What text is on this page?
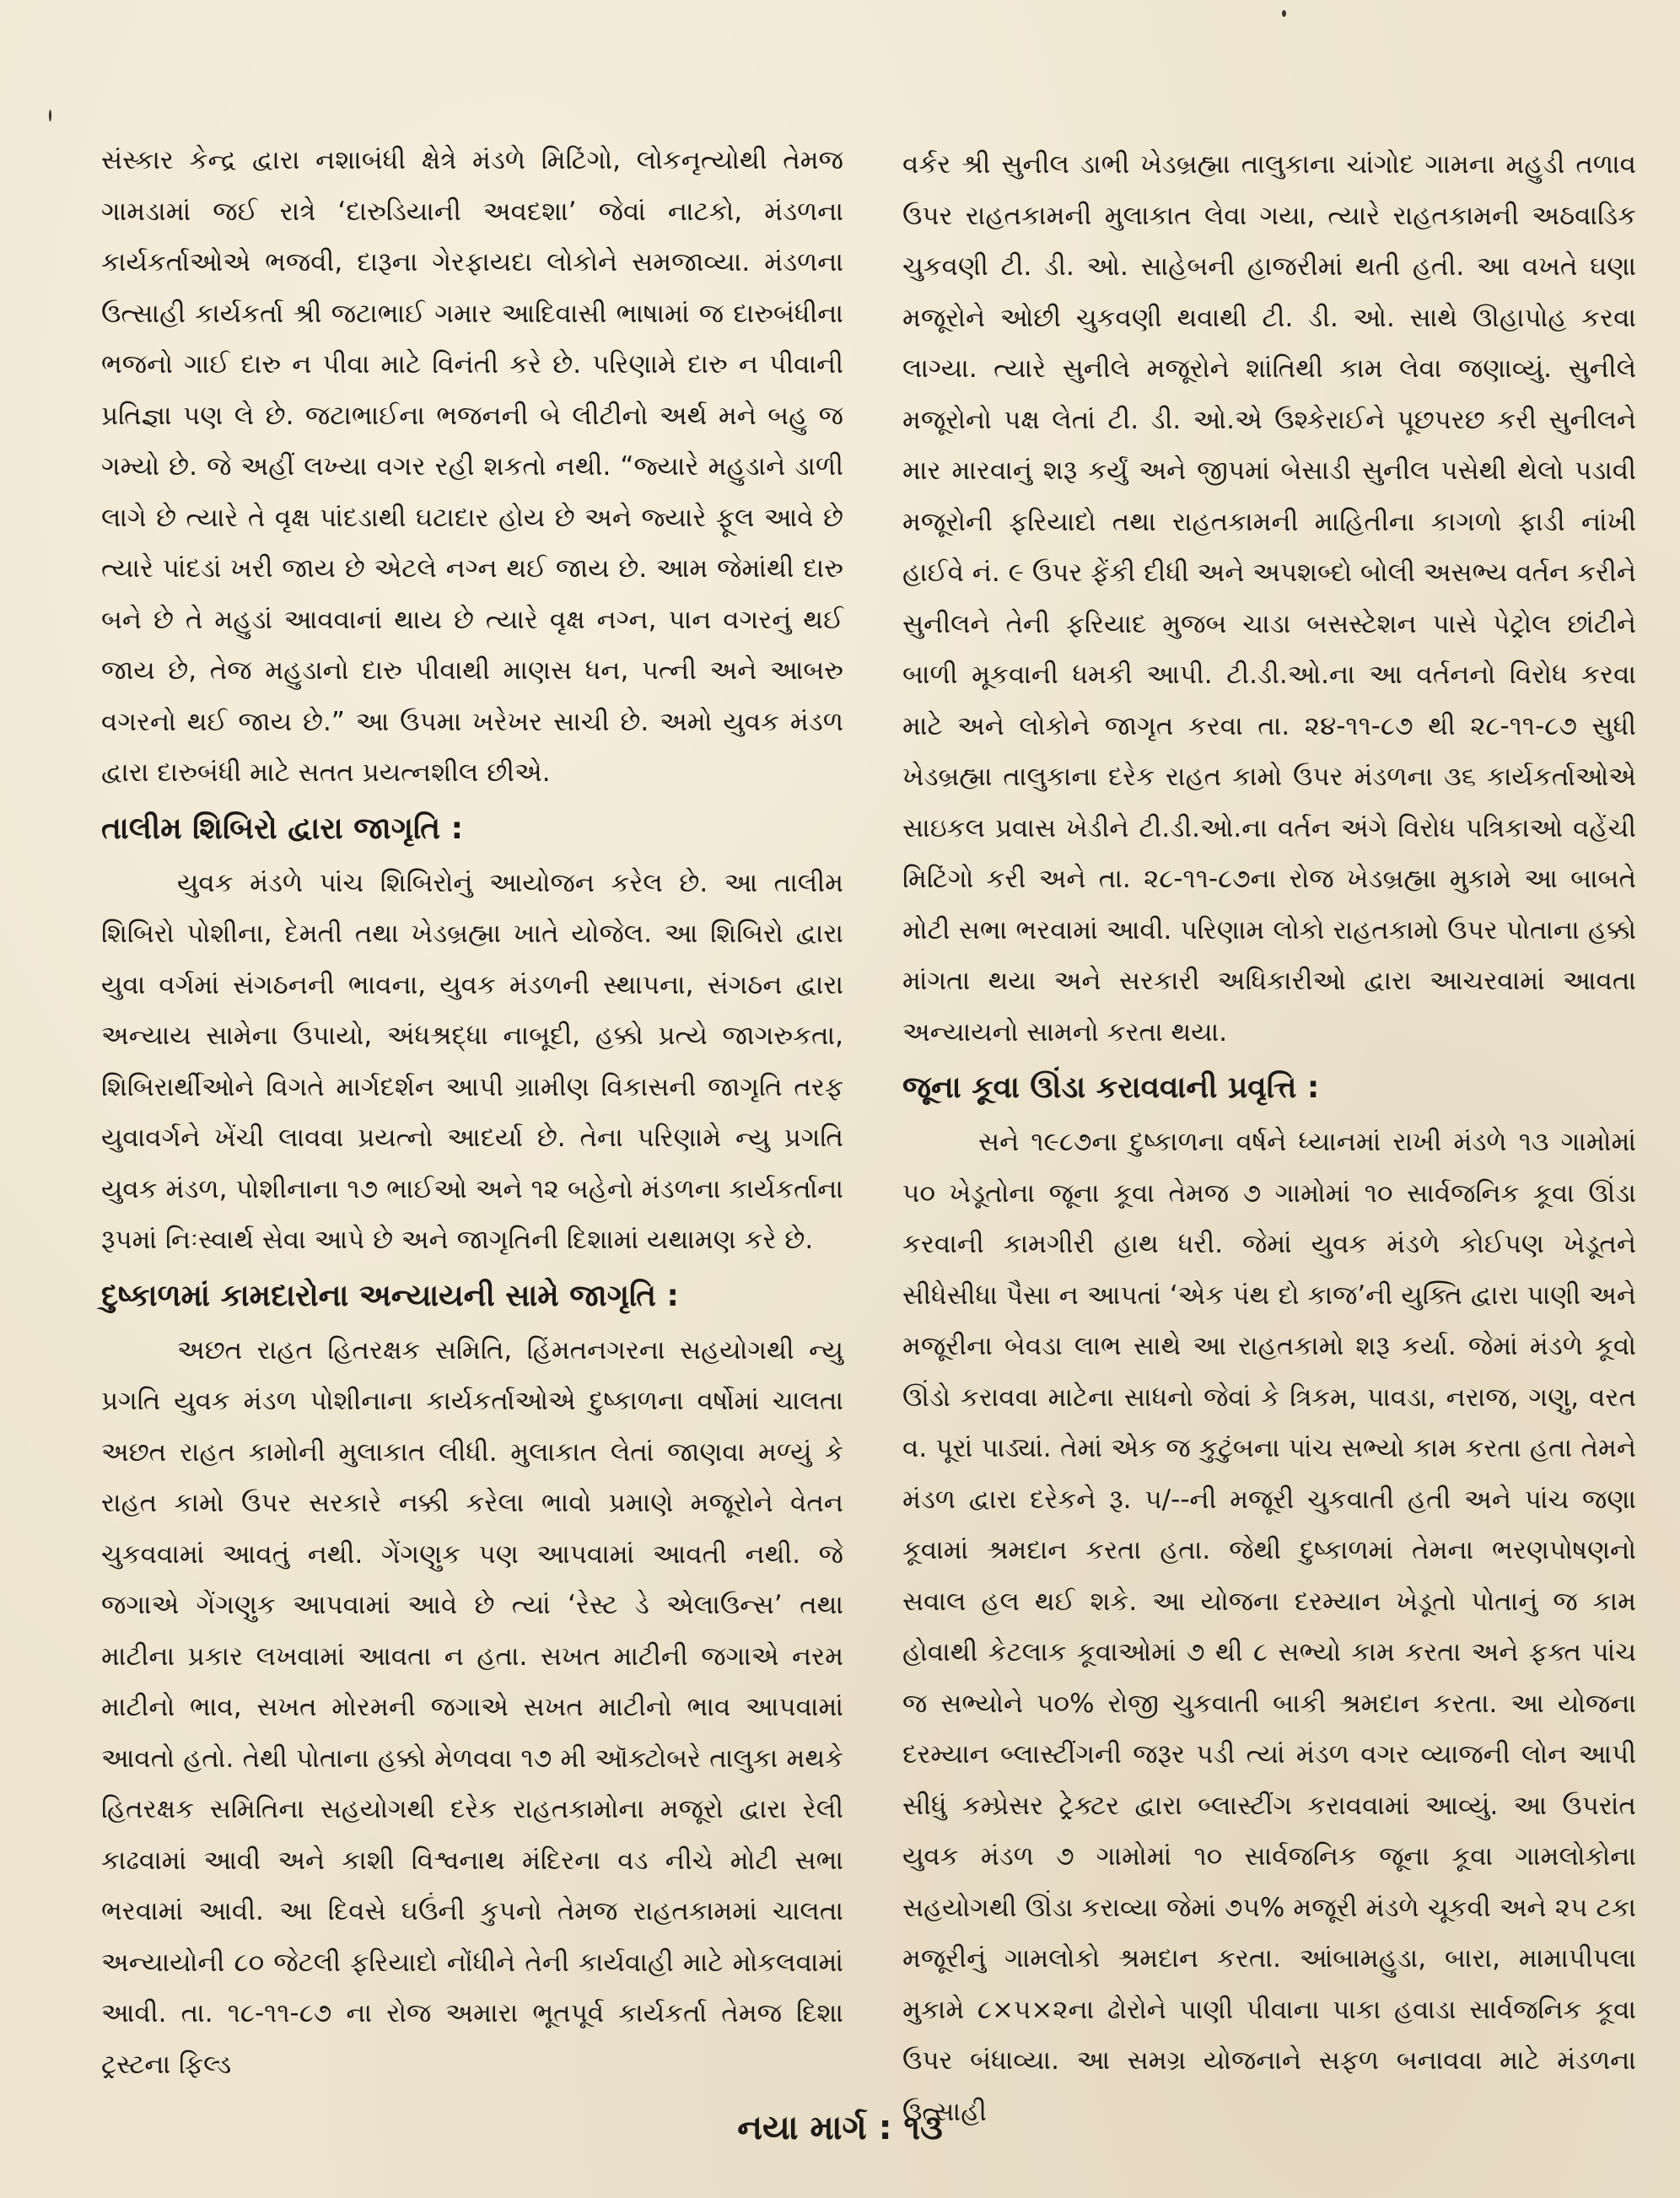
સંસ્કાર કેન્દ્ર દ્વારા નશાબંધી ક્ષેત્રે મંડળે મિટિંગો, લોકનૃત્યોથી તેમજ ગામડામાં જઈ રાત્રે ‘દારુડિયાની અવદશા’ જેવાં નાટકો, મંડળના કાર્યકર્તાઓએ ભજવી, દારૂના ગેરફાયદા લોકોને સમજાવ્યા. મંડળના ઉત્સાહી કાર્યકર્તા શ્રી જટાભાઈ ગમાર આદિવાસી ભાષામાં જ દારુબંધીના ભજનો ગાઈ દારુ ન પીવા માટે વિનંતી કરે છે. પરિણામે દારુ ન પીવાની પ્રતિજ્ઞા પણ લે છે. જટાભાઈના ભજનની બે લીટીનો અર્થ મને બહુ જ ગમ્યો છે. જે અહીં લખ્યા વગર રહી શકતો નથી. “જ્યારે મહુડાને ડાળી લાગે છે ત્યારે તે વૃક્ષ પાંદડાથી ઘટાદાર હોય છે અને જ્યારે ફૂલ આવે છે ત્યારે પાંદડાં ખરી જાય છે એટલે નગ્ન થઈ જાય છે. આમ જેમાંથી દારુ બને છે તે મહુડાં આવવાનાં થાય છે ત્યારે વૃક્ષ નગ્ન, પાન વગરનું થઈ જાય છે, તેજ મહુડાનો દારુ પીવાથી માણસ ધન, પત્ની અને આબરુ વગરનો થઈ જાય છે.” આ ઉપમા ખરેખર સાચી છે. અમો યુવક મંડળ દ્વારા દારુબંધી માટે સતત પ્રયત્નશીલ છીએ.

તાલીમ શિબિરો દ્વારા જાગૃતિ :

યુવક મંડળે પાંચ શિબિરોનું આયોજન કરેલ છે. આ તાલીમ શિબિરો પોશીના, દેમતી તથા ખેડબ્રહ્મા ખાતે યોજેલ. આ શિબિરો દ્વારા યુવા વર્ગમાં સંગઠનની ભાવના, યુવક મંડળની સ્થાપના, સંગઠન દ્વારા અન્યાય સામેના ઉપાયો, અંધશ્રદ્ધા નાબૂદી, હક્કો પ્રત્યે જાગરુકતા, શિબિરાર્થીઓને વિગતે માર્ગદર્શન આપી ગ્રામીણ વિકાસની જાગૃતિ તરફ યુવાવર્ગને ખેંચી લાવવા પ્રયત્નો આદર્યા છે. તેના પરિણામે ન્યુ પ્રગતિ યુવક મંડળ, પોશીનાના ૧૭ ભાઈઓ અને ૧૨ બહેનો મંડળના કાર્યકર્તાના રૂપમાં નિઃસ્વાર્થ સેવા આપે છે અને જાગૃતિની દિશામાં યથામણ કરે છે.

દુષ્કાળમાં કામદારોના અન્યાયની સામે જાગૃતિ :

અછત રાહત હિતરક્ષક સમિતિ, હિંમતનગરના સહયોગથી ન્યુ પ્રગતિ યુવક મંડળ પોશીનાના કાર્યકર્તાઓએ દુષ્કાળના વર્ષોમાં ચાલતા અછત રાહત કામોની મુલાકાત લીધી. મુલાકાત લેતાં જાણવા મળ્યું કે રાહત કામો ઉપર સરકારે નક્કી કરેલા ભાવો પ્રમાણે મજૂરોને વેતન ચુકવવામાં આવતું નથી. ગેંગણુક પણ આપવામાં આવતી નથી. જે જગાએ ગેંગણુક આપવામાં આવે છે ત્યાં ‘રેસ્ટ ડે એલાઉન્સ’ તથા માટીના પ્રકાર લખવામાં આવતા ન હતા. સખત માટીની જગાએ નરમ માટીનો ભાવ, સખત મોરમની જગાએ સખત માટીનો ભાવ આપવામાં આવતો હતો. તેથી પોતાના હક્કો મેળવવા ૧૭ મી ઑક્ટોબરે તાલુકા મથકે હિતરક્ષક સમિતિના સહયોગથી દરેક રાહતકામોના મજૂરો દ્વારા રેલી કાઢવામાં આવી અને કાશી વિશ્વનાથ મંદિરના વડ નીચે મોટી સભા ભરવામાં આવી. આ દિવસે ઘઉંની કુપનો તેમજ રાહતકામમાં ચાલતા અન્યાયોની ૮૦ જેટલી ફરિયાદો નોંધીને તેની કાર્યવાહી માટે મોકલવામાં આવી. તા. ૧૮-૧૧-૮૭ ના રોજ અમારા ભૂતપૂર્વ કાર્યકર્તા તેમજ દિશા ટ્રસ્ટના ફિલ્ડ

વર્કર શ્રી સુનીલ ડાભી ખેડબ્રહ્મા તાલુકાના ચાંગોદ ગામના મહુડી તળાવ ઉપર રાહતકામની મુલાકાત લેવા ગયા, ત્યારે રાહતકામની અઠવાડિક ચુકવણી ટી. ડી. ઓ. સાહેબની હાજરીમાં થતી હતી. આ વખતે ઘણા મજૂરોને ઓછી ચુકવણી થવાથી ટી. ડી. ઓ. સાથે ઊહાપોહ કરવા લાગ્યા. ત્યારે સુનીલે મજૂરોને શાંતિથી કામ લેવા જણાવ્યું. સુનીલે મજૂરોનો પક્ષ લેતાં ટી. ડી. ઓ.એ ઉશ્કેરાઈને પૂછપરછ કરી સુનીલને માર મારવાનું શરૂ કર્યું અને જીપમાં બેસાડી સુનીલ પસેથી થેલો પડાવી મજૂરોની ફરિયાદો તથા રાહતકામની માહિતીના કાગળો ફાડી નાંખી હાઈવે નં. ૯ ઉપર ફેંકી દીધી અને અપશબ્દો બોલી અસભ્ય વર્તન કરીને સુનીલને તેની ફરિયાદ મુજબ ચાડા બસસ્ટેશન પાસે પેટ્રોલ છાંટીને બાળી મૂકવાની ધમકી આપી. ટી.ડી.ઓ.ના આ વર્તનનો વિરોધ કરવા માટે અને લોકોને જાગૃત કરવા તા. ૨૪-૧૧-૮૭ થી ૨૮-૧૧-૮૭ સુધી ખેડબ્રહ્મા તાલુકાના દરેક રાહત કામો ઉપર મંડળના ૩૬ કાર્યકર્તાઓએ સાઇકલ પ્રવાસ ખેડીને ટી.ડી.ઓ.ના વર્તન અંગે વિરોધ પત્રિકાઓ વહેંચી મિટિંગો કરી અને તા. ૨૮-૧૧-૮૭ના રોજ ખેડબ્રહ્મા મુકામે આ બાબતે મોટી સભા ભરવામાં આવી. પરિણામ લોકો રાહતકામો ઉપર પોતાના હક્કો માંગતા થયા અને સરકારી અધિકારીઓ દ્વારા આચરવામાં આવતા અન્યાયનો સામનો કરતા થયા.

જૂના કૂવા ઊંડા કરાવવાની પ્રવૃત્તિ :

સને ૧૯૮૭ના દુષ્કાળના વર્ષને ધ્યાનમાં રાખી મંડળે ૧૩ ગામોમાં ૫૦ ખેડૂતોના જૂના કૂવા તેમજ ૭ ગામોમાં ૧૦ સાર્વજનિક કૂવા ઊંડા કરવાની કામગીરી હાથ ધરી. જેમાં યુવક મંડળે કોઈપણ ખેડૂતને સીધેસીધા પૈસા ન આપતાં ‘એક પંથ દો કાજ’ની યુક્તિ દ્વારા પાણી અને મજૂરીના બેવડા લાભ સાથે આ રાહતકામો શરૂ કર્યા. જેમાં મંડળે કૂવો ઊંડો કરાવવા માટેના સાધનો જેવાં કે ત્રિકમ, પાવડા, નરાજ, ગણુ, વરત વ. પૂરાં પાડ્યાં. તેમાં એક જ કુટુંબના પાંચ સભ્યો કામ કરતા હતા તેમને મંડળ દ્વારા દરેકને રૂ. ૫/--ની મજૂરી ચુકવાતી હતી અને પાંચ જણા કૂવામાં શ્રમદાન કરતા હતા. જેથી દુષ્કાળમાં તેમના ભરણપોષણનો સવાલ હલ થઈ શકે. આ યોજના દરમ્યાન ખેડૂતો પોતાનું જ કામ હોવાથી કેટલાક કૂવાઓમાં ૭ થી ૮ સભ્યો કામ કરતા અને ફક્ત પાંચ જ સભ્યોને ૫૦% રોજી ચુકવાતી બાકી શ્રમદાન કરતા. આ યોજના દરમ્યાન બ્લાસ્ટીંગની જરૂર પડી ત્યાં મંડળ વગર વ્યાજની લોન આપી સીધું કમ્પ્રેસર ટ્રેક્ટર દ્વારા બ્લાસ્ટીંગ કરાવવામાં આવ્યું. આ ઉપરાંત યુવક મંડળ ૭ ગામોમાં ૧૦ સાર્વજનિક જૂના કૂવા ગામલોકોના સહયોગથી ઊંડા કરાવ્યા જેમાં ૭૫% મજૂરી મંડળે ચૂકવી અને ૨૫ ટકા મજૂરીનું ગામલોકો શ્રમદાન કરતા. આંબામહુડા, બારા, મામાપીપલા મુકામે ૮×૫×૨ના ઢોરોને પાણી પીવાના પાકા હવાડા સાર્વજનિક કૂવા ઉપર બંધાવ્યા. આ સમગ્ર યોજનાને સફળ બનાવવા માટે મંડળના ઉત્સાહી

નયા માર્ગ : ૧૩
